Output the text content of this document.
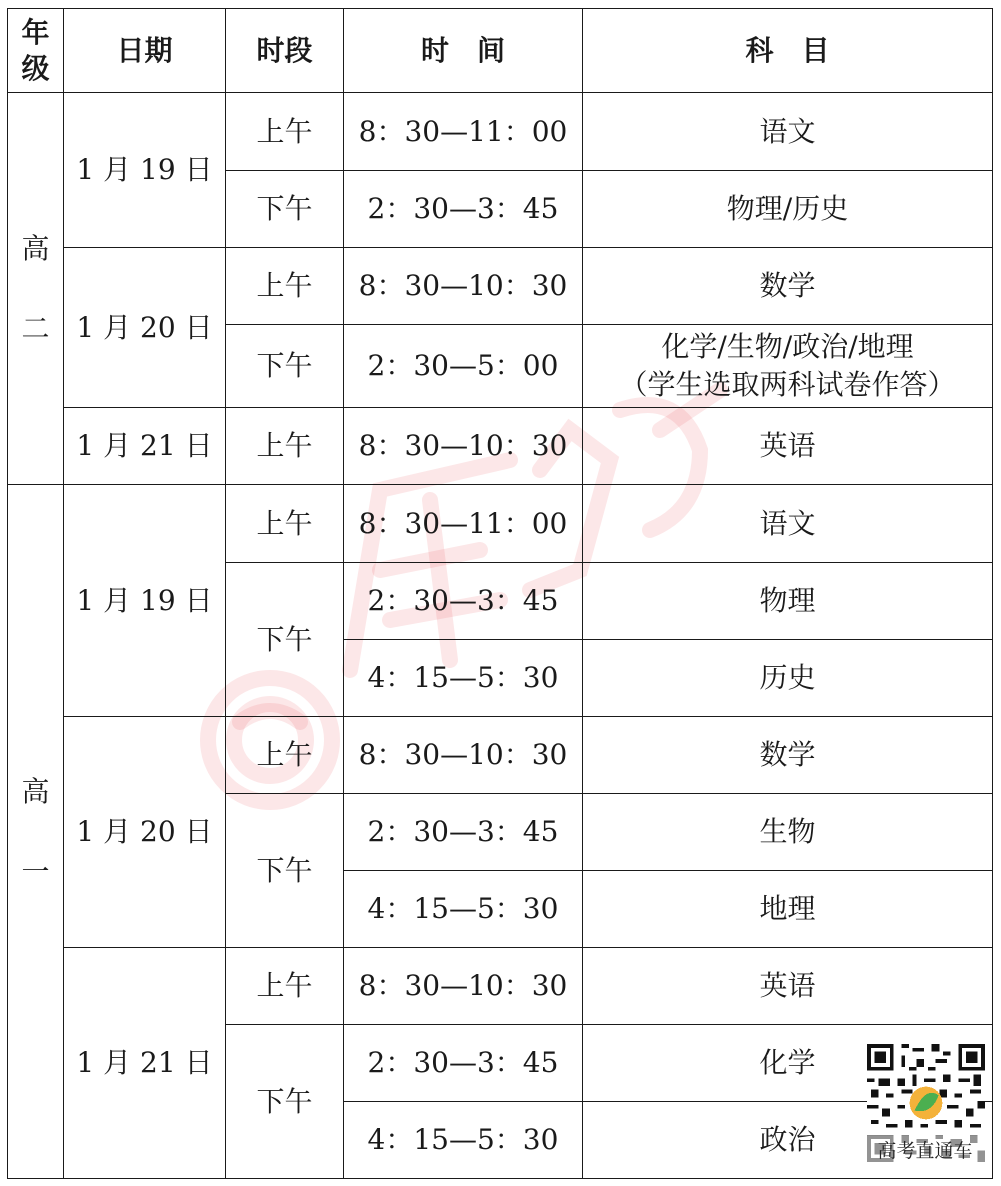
年
级	日期	时段	时　间	科　目

高
二	1 月 19 日	上午	8：30—11：00	语文
		下午	2：30—3：45	物理/历史
	1 月 20 日	上午	8：30—10：30	数学
		下午	2：30—5：00	化学/生物/政治/地理
（学生选取两科试卷作答）

	1 月 21 日	上午	8：30—10：30	英语

高
一	1 月 19 日	上午	8：30—11：00	语文
		下午	2：30—3：45	物理
			4：15—5：30	历史
	1 月 20 日	上午	8：30—10：30	数学
		下午	2：30—3：45	生物
			4：15—5：30	地理
	1 月 21 日	上午	8：30—10：30	英语
		下午	2：30—3：45	化学
			4：15—5：30	政治	高考直通车
